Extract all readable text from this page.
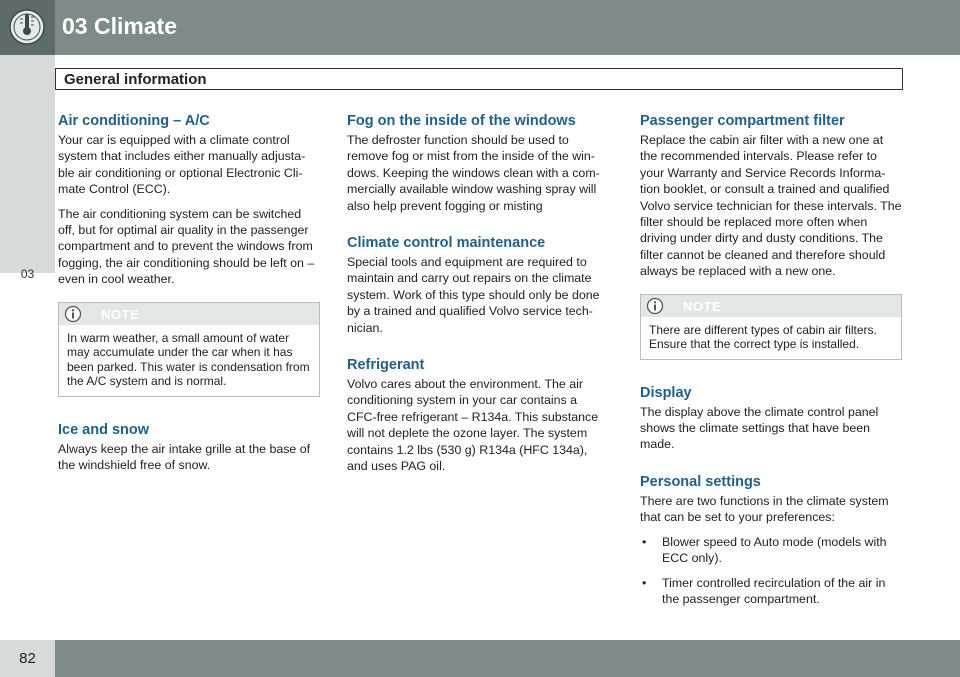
03 Climate
03
General information
Air conditioning – A/C

Your car is equipped with a climate control system that includes either manually adjusta-ble air conditioning or optional Electronic Cli-mate Control (ECC).

The air conditioning system can be switched off, but for optimal air quality in the passenger compartment and to prevent the windows from fogging, the air conditioning should be left on – even in cool weather.

NOTE
In warm weather, a small amount of water may accumulate under the car when it has been parked. This water is condensation from the A/C system and is normal.
Ice and snow

Always keep the air intake grille at the base of the windshield free of snow.

Fog on the inside of the windows

The defroster function should be used to remove fog or mist from the inside of the win-dows. Keeping the windows clean with a com-mercially available window washing spray will also help prevent fogging or misting

Climate control maintenance

Special tools and equipment are required to maintain and carry out repairs on the climate system. Work of this type should only be done by a trained and qualified Volvo service tech-nician.

Refrigerant

Volvo cares about the environment. The air conditioning system in your car contains a CFC-free refrigerant – R134a. This substance will not deplete the ozone layer. The system contains 1.2 lbs (530 g) R134a (HFC 134a), and uses PAG oil.

Passenger compartment filter

Replace the cabin air filter with a new one at the recommended intervals. Please refer to your Warranty and Service Records Informa-tion booklet, or consult a trained and qualified Volvo service technician for these intervals. The filter should be replaced more often when driving under dirty and dusty conditions. The filter cannot be cleaned and therefore should always be replaced with a new one.

NOTE
There are different types of cabin air filters. Ensure that the correct type is installed.
Display

The display above the climate control panel shows the climate settings that have been made.

Personal settings

There are two functions in the climate system that can be set to your preferences:

• Blower speed to Auto mode (models with ECC only).
• Timer controlled recirculation of the air in the passenger compartment.
82
